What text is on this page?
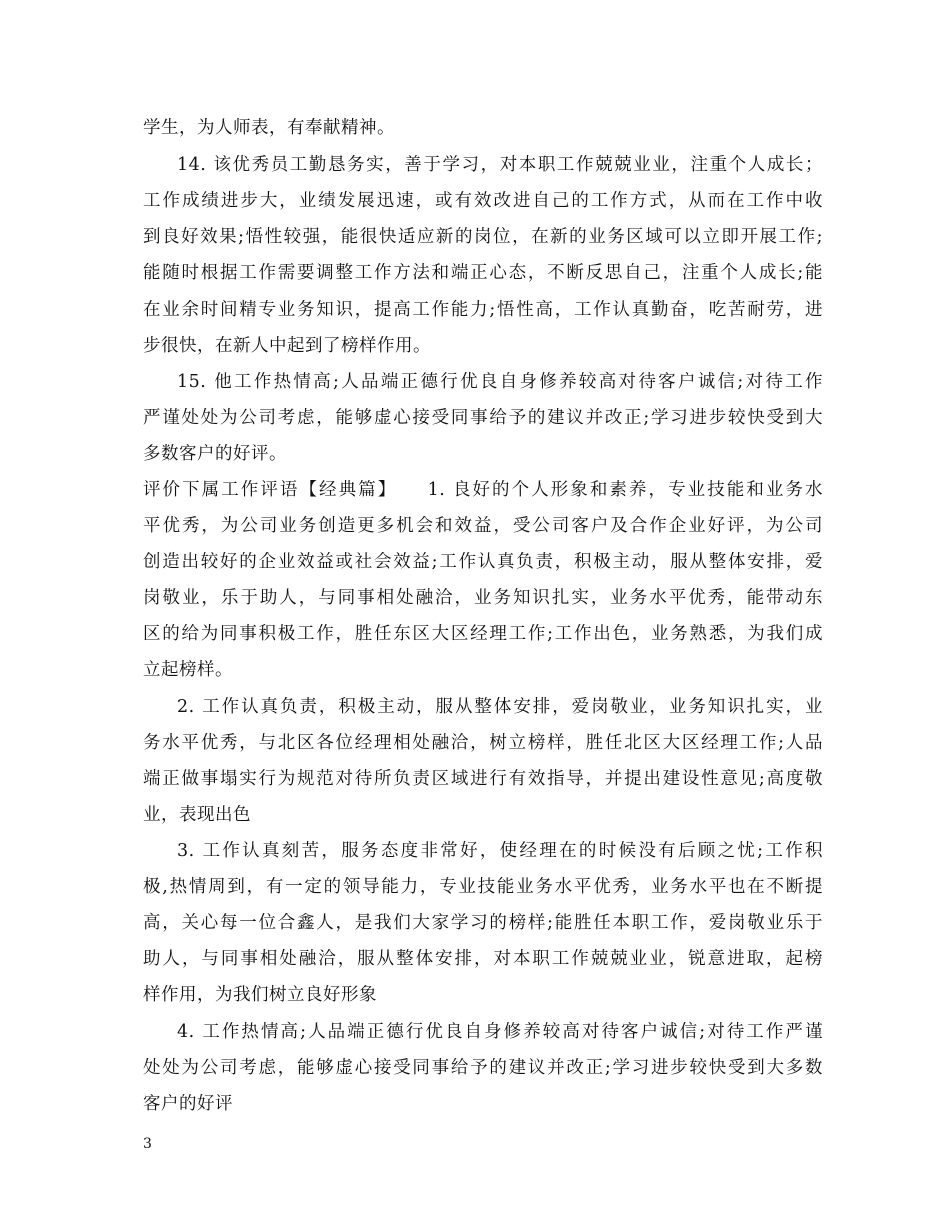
学生，为人师表，有奉献精神。
14. 该优秀员工勤恳务实，善于学习，对本职工作兢兢业业，注重个人成长；
工作成绩进步大，业绩发展迅速，或有效改进自己的工作方式，从而在工作中收
到良好效果;悟性较强，能很快适应新的岗位，在新的业务区域可以立即开展工作;
能随时根据工作需要调整工作方法和端正心态，不断反思自己，注重个人成长;能
在业余时间精专业务知识，提高工作能力;悟性高，工作认真勤奋，吃苦耐劳，进
步很快，在新人中起到了榜样作用。
15. 他工作热情高;人品端正德行优良自身修养较高对待客户诚信;对待工作
严谨处处为公司考虑，能够虚心接受同事给予的建议并改正;学习进步较快受到大
多数客户的好评。
评价下属工作评语【经典篇】　　1. 良好的个人形象和素养，专业技能和业务水
平优秀，为公司业务创造更多机会和效益，受公司客户及合作企业好评，为公司
创造出较好的企业效益或社会效益;工作认真负责，积极主动，服从整体安排，爱
岗敬业，乐于助人，与同事相处融洽，业务知识扎实，业务水平优秀，能带动东
区的给为同事积极工作，胜任东区大区经理工作;工作出色，业务熟悉，为我们成
立起榜样。
2. 工作认真负责，积极主动，服从整体安排，爱岗敬业，业务知识扎实，业
务水平优秀，与北区各位经理相处融洽，树立榜样，胜任北区大区经理工作;人品
端正做事塌实行为规范对待所负责区域进行有效指导，并提出建设性意见;高度敬
业，表现出色
3. 工作认真刻苦，服务态度非常好，使经理在的时候没有后顾之忧;工作积
极,热情周到，有一定的领导能力，专业技能业务水平优秀，业务水平也在不断提
高，关心每一位合鑫人，是我们大家学习的榜样;能胜任本职工作，爱岗敬业乐于
助人，与同事相处融洽，服从整体安排，对本职工作兢兢业业，锐意进取，起榜
样作用，为我们树立良好形象
4. 工作热情高;人品端正德行优良自身修养较高对待客户诚信;对待工作严谨
处处为公司考虑，能够虚心接受同事给予的建议并改正;学习进步较快受到大多数
客户的好评
3
